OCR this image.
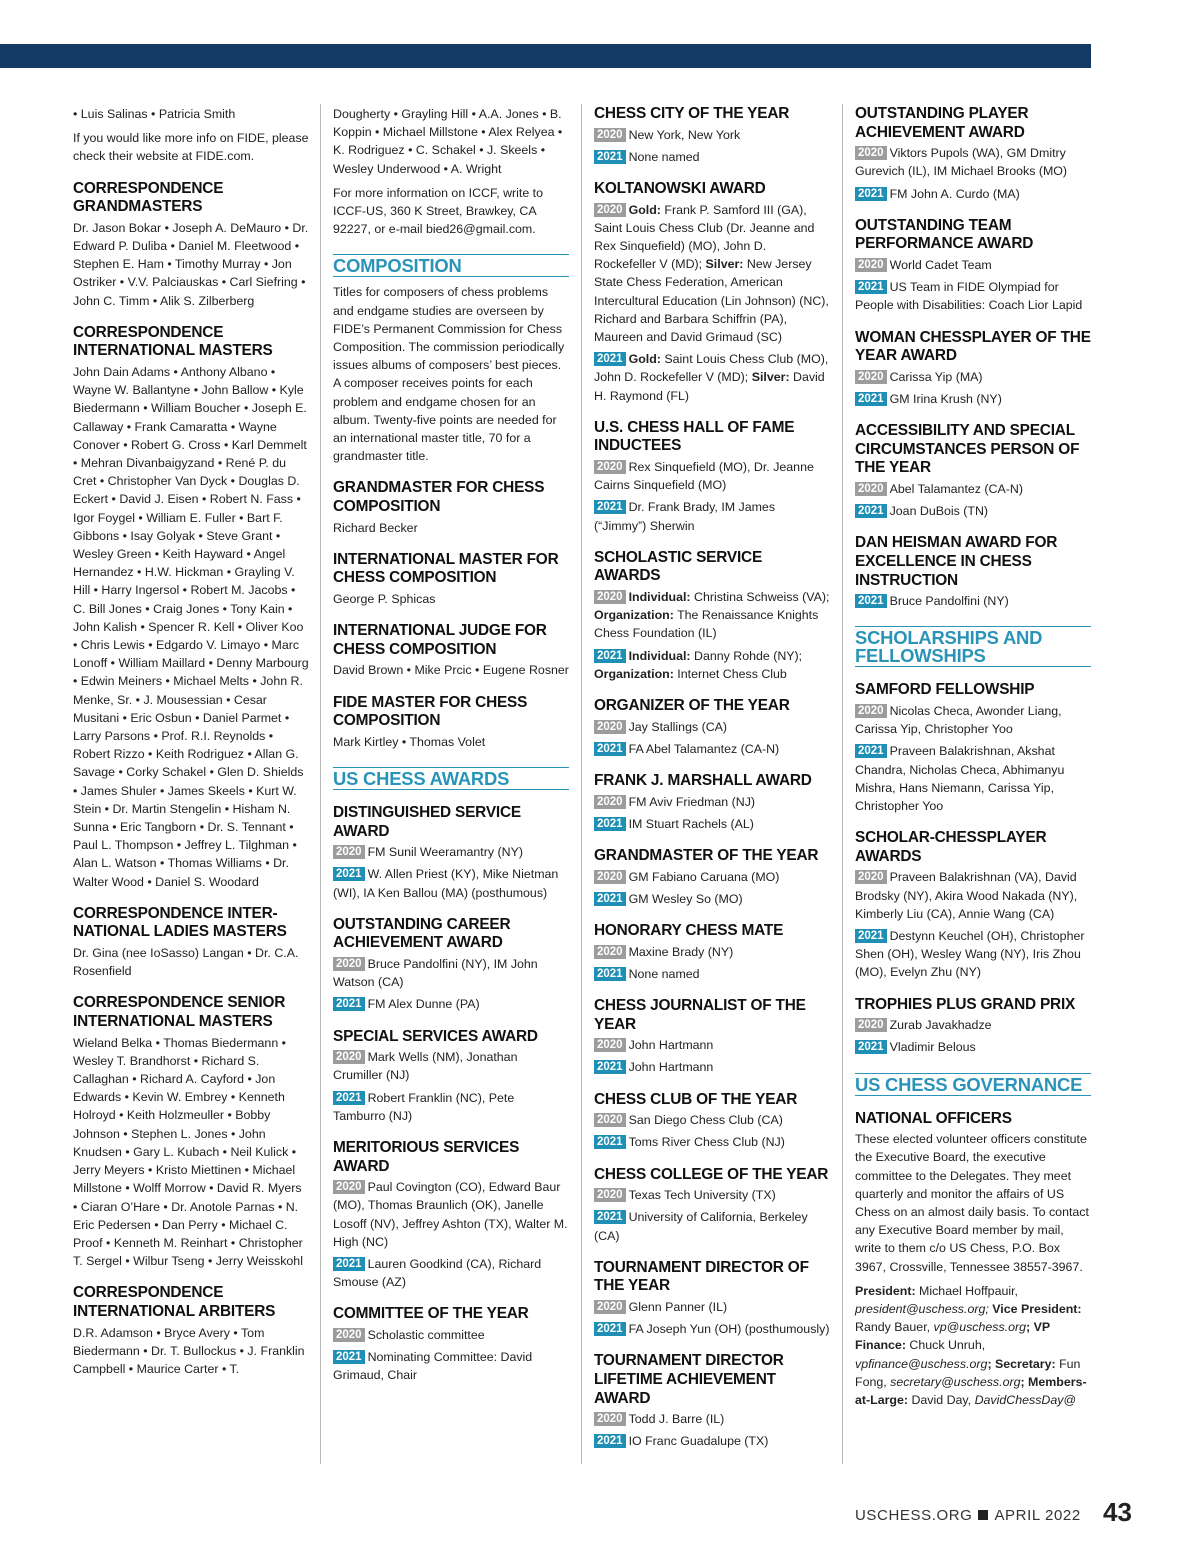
• Luis Salinas • Patricia Smith

If you would like more info on FIDE, please check their website at FIDE.com.

CORRESPONDENCE GRANDMASTERS

Dr. Jason Bokar • Joseph A. DeMauro • Dr. Edward P. Duliba • Daniel M. Fleetwood • Stephen E. Ham • Timothy Murray • Jon Ostriker • V.V. Palciauskas • Carl Siefring • John C. Timm • Alik S. Zilberberg

CORRESPONDENCE INTERNATIONAL MASTERS

John Dain Adams • Anthony Albano • Wayne W. Ballantyne • John Ballow • Kyle Biedermann • William Boucher • Joseph E. Callaway • Frank Camaratta • Wayne Conover • Robert G. Cross • Karl Demmelt • Mehran Divanbaigyzand • René P. du Cret • Christopher Van Dyck • Douglas D. Eckert • David J. Eisen • Robert N. Fass • Igor Foygel • William E. Fuller • Bart F. Gibbons • Isay Golyak • Steve Grant • Wesley Green • Keith Hayward • Angel Hernandez • H.W. Hickman • Grayling V. Hill • Harry Ingersol • Robert M. Jacobs • C. Bill Jones • Craig Jones • Tony Kain • John Kalish • Spencer R. Kell • Oliver Koo • Chris Lewis • Edgardo V. Limayo • Marc Lonoff • William Maillard • Denny Marbourg • Edwin Meiners • Michael Melts • John R. Menke, Sr. • J. Mousessian • Cesar Musitani • Eric Osbun • Daniel Parmet • Larry Parsons • Prof. R.I. Reynolds • Robert Rizzo • Keith Rodriguez • Allan G. Savage • Corky Schakel • Glen D. Shields • James Shuler • James Skeels • Kurt W. Stein • Dr. Martin Stengelin • Hisham N. Sunna • Eric Tangborn • Dr. S. Tennant • Paul L. Thompson • Jeffrey L. Tilghman • Alan L. Watson • Thomas Williams • Dr. Walter Wood • Daniel S. Woodard

CORRESPONDENCE INTERNATIONAL LADIES MASTERS

Dr. Gina (nee IoSasso) Langan • Dr. C.A. Rosenfield

CORRESPONDENCE SENIOR INTERNATIONAL MASTERS

Wieland Belka • Thomas Biedermann • Wesley T. Brandhorst • Richard S. Callaghan • Richard A. Cayford • Jon Edwards • Kevin W. Embrey • Kenneth Holroyd • Keith Holzmeuller • Bobby Johnson • Stephen L. Jones • John Knudsen • Gary L. Kubach • Neil Kulick • Jerry Meyers • Kristo Miettinen • Michael Millstone • Wolff Morrow • David R. Myers • Ciaran O’Hare • Dr. Anotole Parnas • N. Eric Pedersen • Dan Perry • Michael C. Proof • Kenneth M. Reinhart • Christopher T. Sergel • Wilbur Tseng • Jerry Weisskohl

CORRESPONDENCE INTERNATIONAL ARBITERS

D.R. Adamson • Bryce Avery • Tom Biedermann • Dr. T. Bullockus • J. Franklin Campbell • Maurice Carter • T.

Dougherty • Grayling Hill • A.A. Jones • B. Koppin • Michael Millstone • Alex Relyea • K. Rodriguez • C. Schakel • J. Skeels • Wesley Underwood • A. Wright

For more information on ICCF, write to ICCF-US, 360 K Street, Brawkey, CA 92227, or e-mail bied26@gmail.com.

COMPOSITION

Titles for composers of chess problems and endgame studies are overseen by FIDE’s Permanent Commission for Chess Composition. The commission periodically issues albums of composers’ best pieces. A composer receives points for each problem and endgame chosen for an album. Twenty-five points are needed for an international master title, 70 for a grandmaster title.

GRANDMASTER FOR CHESS COMPOSITION

Richard Becker

INTERNATIONAL MASTER FOR CHESS COMPOSITION

George P. Sphicas

INTERNATIONAL JUDGE FOR CHESS COMPOSITION

David Brown • Mike Prcic • Eugene Rosner

FIDE MASTER FOR CHESS COMPOSITION

Mark Kirtley • Thomas Volet

US CHESS AWARDS
DISTINGUISHED SERVICE AWARD
2020 FM Sunil Weeramantry (NY)
2021 W. Allen Priest (KY), Mike Nietman (WI), IA Ken Ballou (MA) (posthumous)
OUTSTANDING CAREER ACHIEVEMENT AWARD
2020 Bruce Pandolfini (NY), IM John Watson (CA)
2021 FM Alex Dunne (PA)
SPECIAL SERVICES AWARD
2020 Mark Wells (NM), Jonathan Crumiller (NJ)
2021 Robert Franklin (NC), Pete Tamburro (NJ)
MERITORIOUS SERVICES AWARD
2020 Paul Covington (CO), Edward Baur (MO), Thomas Braunlich (OK), Janelle Losoff (NV), Jeffrey Ashton (TX), Walter M. High (NC)
2021 Lauren Goodkind (CA), Richard Smouse (AZ)
COMMITTEE OF THE YEAR
2020 Scholastic committee
2021 Nominating Committee: David Grimaud, Chair
CHESS CITY OF THE YEAR
2020 New York, New York
2021 None named
KOLTANOWSKI AWARD
2020 Gold: Frank P. Samford III (GA), Saint Louis Chess Club (Dr. Jeanne and Rex Sinquefield) (MO), John D. Rockefeller V (MD); Silver: New Jersey State Chess Federation, American Intercultural Education (Lin Johnson) (NC), Richard and Barbara Schiffrin (PA), Maureen and David Grimaud (SC)
2021 Gold: Saint Louis Chess Club (MO), John D. Rockefeller V (MD); Silver: David H. Raymond (FL)
U.S. CHESS HALL OF FAME INDUCTEES
2020 Rex Sinquefield (MO), Dr. Jeanne Cairns Sinquefield (MO)
2021 Dr. Frank Brady, IM James (“Jimmy”) Sherwin
SCHOLASTIC SERVICE AWARDS
2020 Individual: Christina Schweiss (VA); Organization: The Renaissance Knights Chess Foundation (IL)
2021 Individual: Danny Rohde (NY); Organization: Internet Chess Club
ORGANIZER OF THE YEAR
2020 Jay Stallings (CA)
2021 FA Abel Talamantez (CA-N)
FRANK J. MARSHALL AWARD
2020 FM Aviv Friedman (NJ)
2021 IM Stuart Rachels (AL)
GRANDMASTER OF THE YEAR
2020 GM Fabiano Caruana (MO)
2021 GM Wesley So (MO)
HONORARY CHESS MATE
2020 Maxine Brady (NY)
2021 None named
CHESS JOURNALIST OF THE YEAR
2020 John Hartmann
2021 John Hartmann
CHESS CLUB OF THE YEAR
2020 San Diego Chess Club (CA)
2021 Toms River Chess Club (NJ)
CHESS COLLEGE OF THE YEAR
2020 Texas Tech University (TX)
2021 University of California, Berkeley (CA)
TOURNAMENT DIRECTOR OF THE YEAR
2020 Glenn Panner (IL)
2021 FA Joseph Yun (OH) (posthumously)
TOURNAMENT DIRECTOR LIFETIME ACHIEVEMENT AWARD
2020 Todd J. Barre (IL)
2021 IO Franc Guadalupe (TX)
OUTSTANDING PLAYER ACHIEVEMENT AWARD
2020 Viktors Pupols (WA), GM Dmitry Gurevich (IL), IM Michael Brooks (MO)
2021 FM John A. Curdo (MA)
OUTSTANDING TEAM PERFORMANCE AWARD
2020 World Cadet Team
2021 US Team in FIDE Olympiad for People with Disabilities: Coach Lior Lapid
WOMAN CHESSPLAYER OF THE YEAR AWARD
2020 Carissa Yip (MA)
2021 GM Irina Krush (NY)
ACCESSIBILITY AND SPECIAL CIRCUMSTANCES PERSON OF THE YEAR
2020 Abel Talamantez (CA-N)
2021 Joan DuBois (TN)
DAN HEISMAN AWARD FOR EXCELLENCE IN CHESS INSTRUCTION
2021 Bruce Pandolfini (NY)
SCHOLARSHIPS AND FELLOWSHIPS
SAMFORD FELLOWSHIP
2020 Nicolas Checa, Awonder Liang, Carissa Yip, Christopher Yoo
2021 Praveen Balakrishnan, Akshat Chandra, Nicholas Checa, Abhimanyu Mishra, Hans Niemann, Carissa Yip, Christopher Yoo
SCHOLAR-CHESSPLAYER AWARDS
2020 Praveen Balakrishnan (VA), David Brodsky (NY), Akira Wood Nakada (NY), Kimberly Liu (CA), Annie Wang (CA)
2021 Destynn Keuchel (OH), Christopher Shen (OH), Wesley Wang (NY), Iris Zhou (MO), Evelyn Zhu (NY)
TROPHIES PLUS GRAND PRIX
2020 Zurab Javakhadze
2021 Vladimir Belous
US CHESS GOVERNANCE
NATIONAL OFFICERS

These elected volunteer officers constitute the Executive Board, the executive committee to the Delegates. They meet quarterly and monitor the affairs of US Chess on an almost daily basis. To contact any Executive Board member by mail, write to them c/o US Chess, P.O. Box 3967, Crossville, Tennessee 38557-3967.

President: Michael Hoffpauir, president@uschess.org; Vice President: Randy Bauer, vp@uschess.org; VP Finance: Chuck Unruh, vpfinance@uschess.org; Secretary: Fun Fong, secretary@uschess.org; Members-at-Large: David Day, DavidChessDay@

USCHESS.ORG APRIL 2022 43
